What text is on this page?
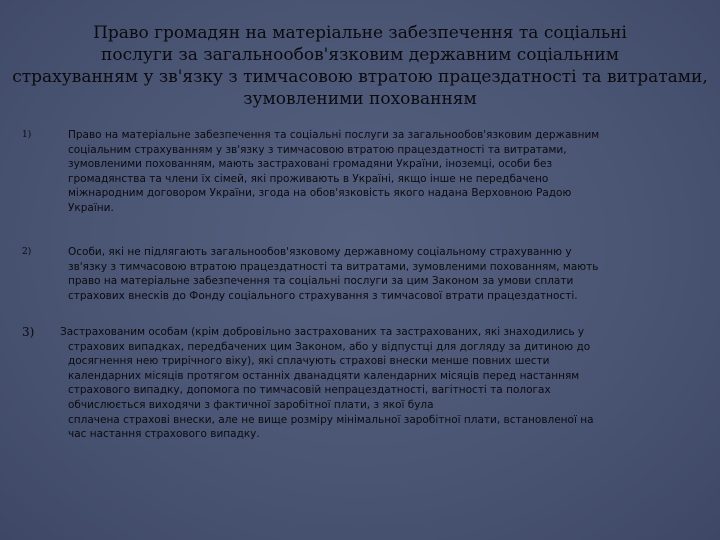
Право громадян на матеріальне забезпечення та соціальні
послуги за загальнообов'язковим державним соціальним
страхуванням у зв'язку з тимчасовою втратою працездатності та витратами,
зумовленими похованням
1)	Право на матеріальне забезпечення та соціальні послуги за загальнообов'язковим державним
соціальним страхуванням у зв'язку з тимчасовою втратою працездатності та витратами,
зумовленими похованням, мають застраховані громадяни України, іноземці, особи без
громадянства та члени їх сімей, які проживають в Україні, якщо інше не передбачено
міжнародним договором України, згода на обов'язковість якого надана Верховною Радою
України.
2)	Особи, які не підлягають загальнообов'язковому державному соціальному страхуванню у
зв'язку з тимчасовою втратою працездатності та витратами, зумовленими похованням, мають
право на матеріальне забезпечення та соціальні послуги за цим Законом за умови сплати
страхових внесків до Фонду соціального страхування з тимчасової втрати працездатності.
3) Застрахованим особам (крім добровільно застрахованих та застрахованих, які знаходились у
страхових випадках, передбачених цим Законом, або у відпустці для догляду за дитиною до
досягнення нею трирічного віку), які сплачують страхові внески менше повних шести
календарних місяців протягом останніх дванадцяти календарних місяців перед настанням
страхового випадку, допомога по тимчасовій непрацездатності, вагітності та пологах
обчислюється виходячи з фактичної заробітної плати, з якої була
сплачена страхові внески, але не вище розміру мінімальної заробітної плати, встановленої на
час настання страхового випадку.
